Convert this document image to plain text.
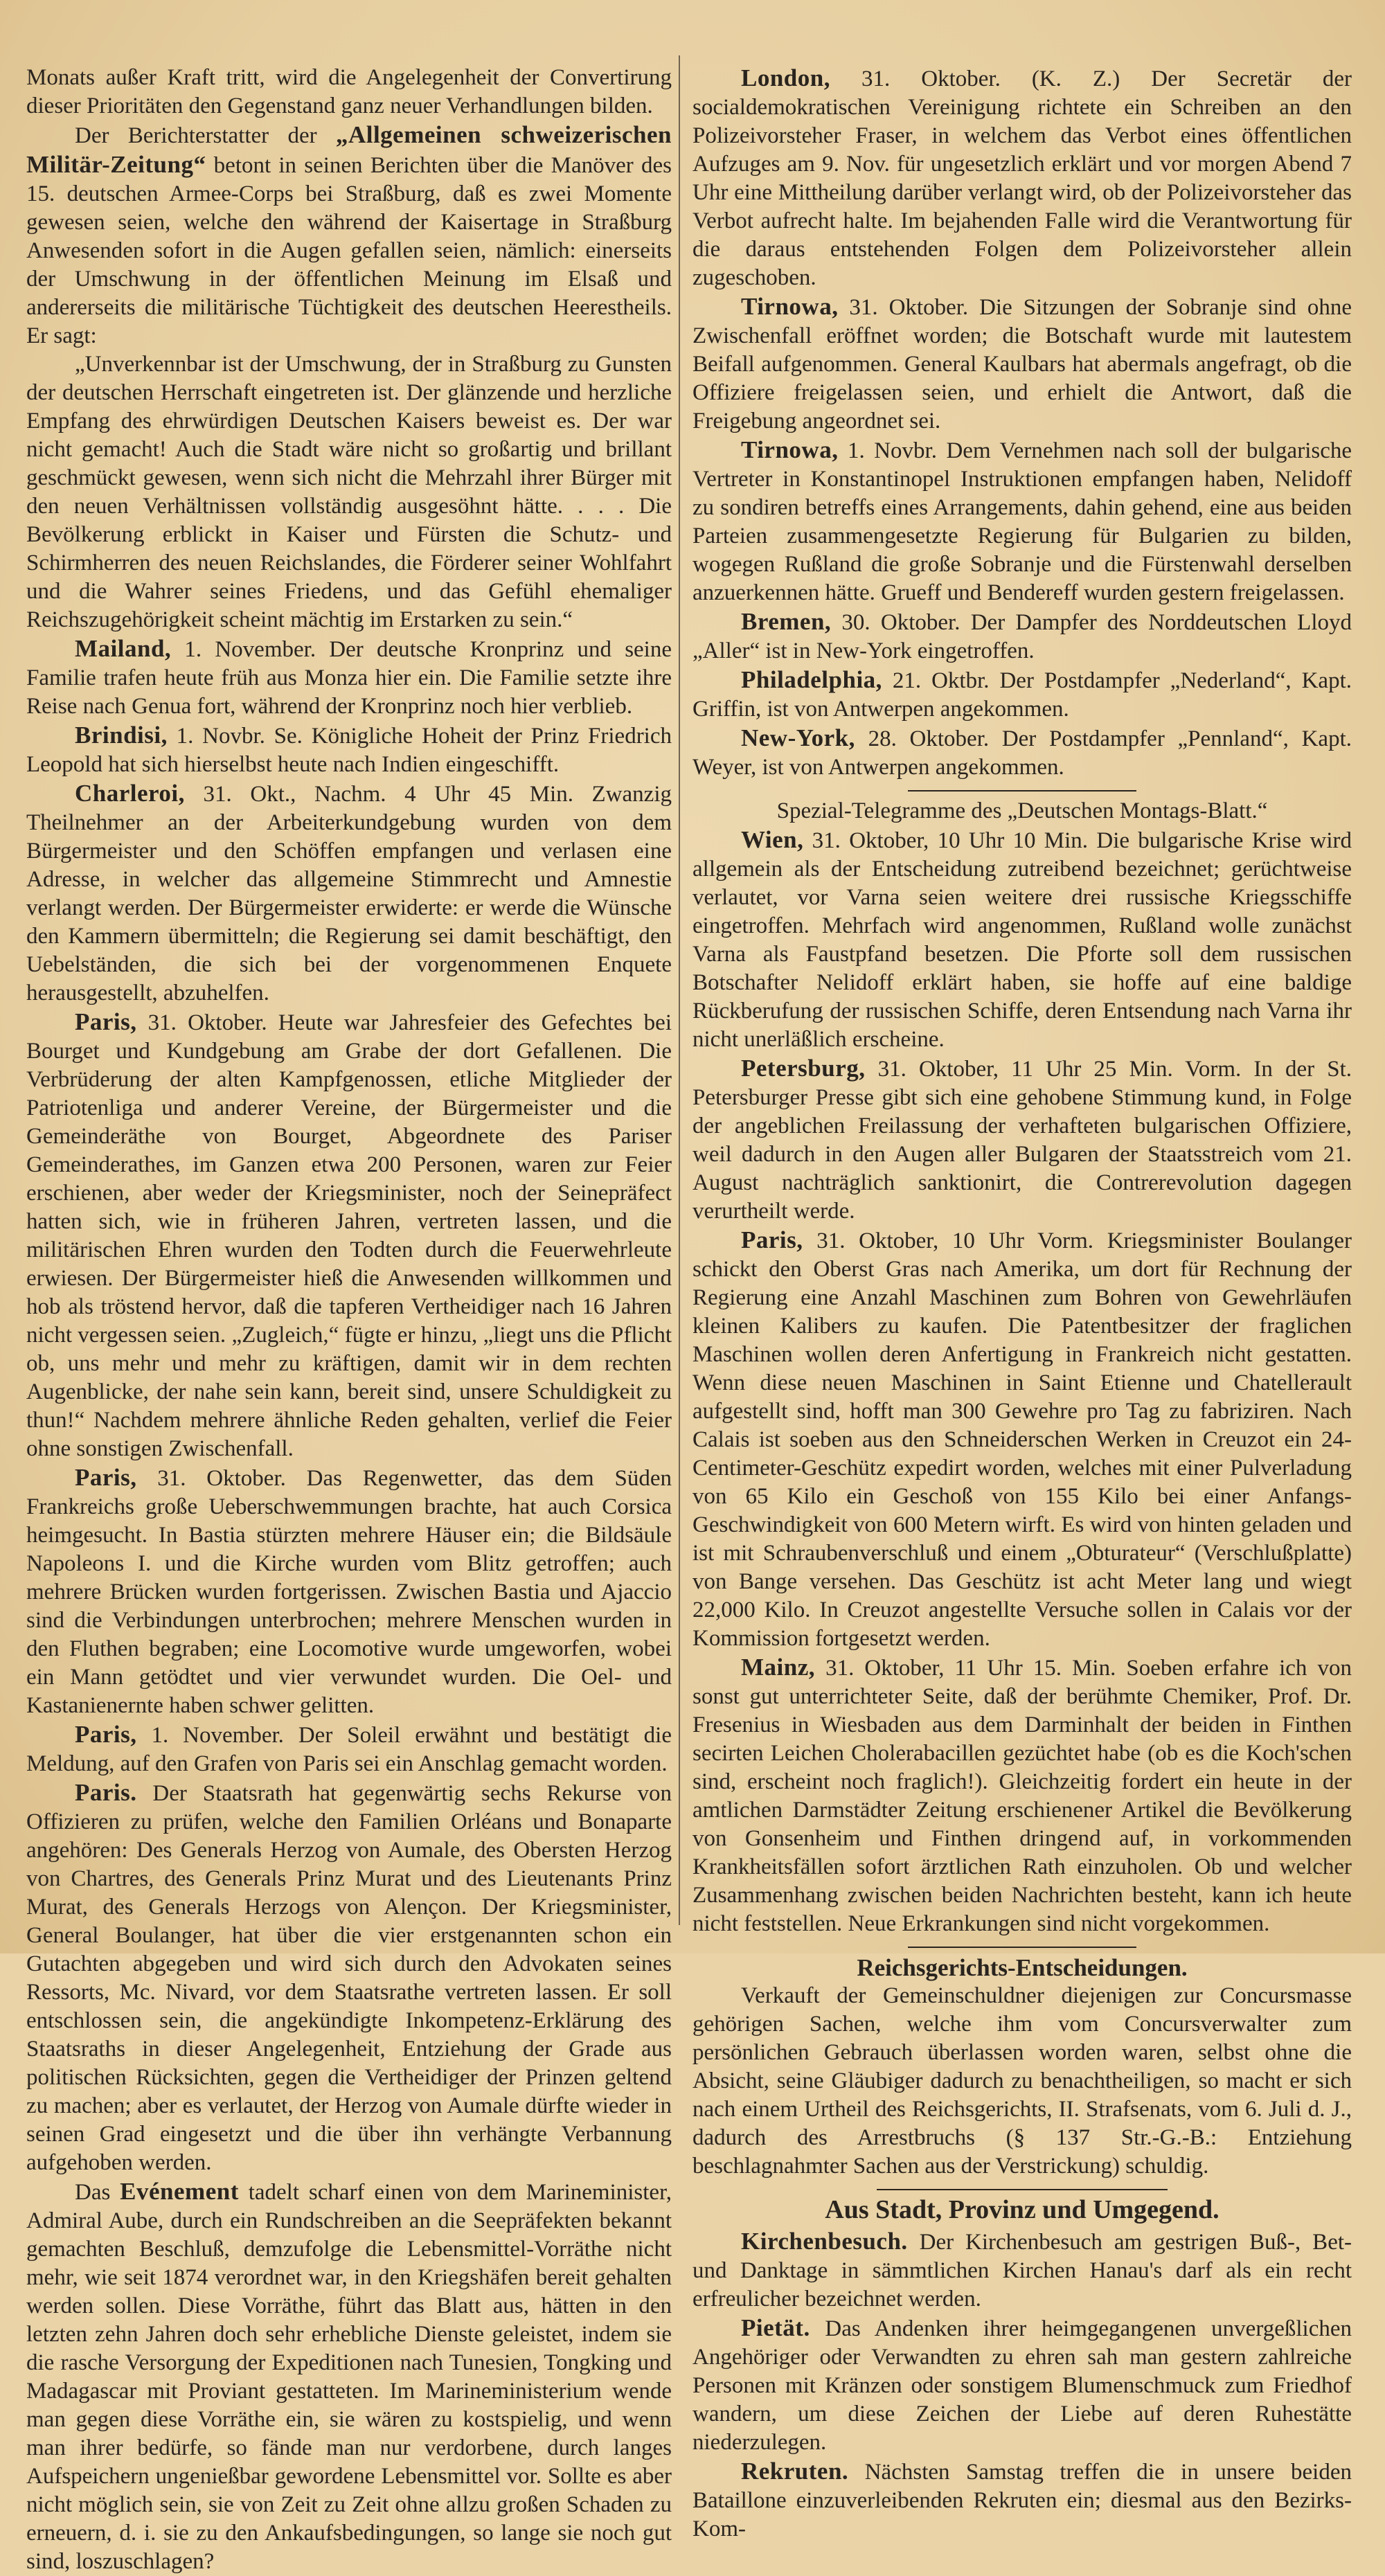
Monats außer Kraft tritt, wird die Angelegenheit der Convertirung dieser Prioritäten den Gegenstand ganz neuer Verhandlungen bilden.

Der Berichterstatter der „Allgemeinen schweizerischen Militär-Zeitung“ betont in seinen Berichten über die Manöver des 15. deutschen Armee-Corps bei Straßburg, daß es zwei Momente gewesen seien, welche den während der Kaisertage in Straßburg Anwesenden sofort in die Augen gefallen seien, nämlich: einerseits der Umschwung in der öffentlichen Meinung im Elsaß und andererseits die militärische Tüchtigkeit des deutschen Heerestheils. Er sagt:

„Unverkennbar ist der Umschwung, der in Straßburg zu Gunsten der deutschen Herrschaft eingetreten ist. Der glänzende und herzliche Empfang des ehrwürdigen Deutschen Kaisers beweist es. Der war nicht gemacht! Auch die Stadt wäre nicht so großartig und brillant geschmückt gewesen, wenn sich nicht die Mehrzahl ihrer Bürger mit den neuen Verhältnissen vollständig ausgesöhnt hätte. . . . Die Bevölkerung erblickt in Kaiser und Fürsten die Schutz- und Schirmherren des neuen Reichslandes, die Förderer seiner Wohlfahrt und die Wahrer seines Friedens, und das Gefühl ehemaliger Reichszugehörigkeit scheint mächtig im Erstarken zu sein.“

Mailand, 1. November. Der deutsche Kronprinz und seine Familie trafen heute früh aus Monza hier ein. Die Familie setzte ihre Reise nach Genua fort, während der Kronprinz noch hier verblieb.

Brindisi, 1. Novbr. Se. Königliche Hoheit der Prinz Friedrich Leopold hat sich hierselbst heute nach Indien eingeschifft.

Charleroi, 31. Okt., Nachm. 4 Uhr 45 Min. Zwanzig Theilnehmer an der Arbeiterkundgebung wurden von dem Bürgermeister und den Schöffen empfangen und verlasen eine Adresse, in welcher das allgemeine Stimmrecht und Amnestie verlangt werden. Der Bürgermeister erwiderte: er werde die Wünsche den Kammern übermitteln; die Regierung sei damit beschäftigt, den Uebelständen, die sich bei der vorgenommenen Enquete herausgestellt, abzuhelfen.

Paris, 31. Oktober. Heute war Jahresfeier des Gefechtes bei Bourget und Kundgebung am Grabe der dort Gefallenen. Die Verbrüderung der alten Kampfgenossen, etliche Mitglieder der Patriotenliga und anderer Vereine, der Bürgermeister und die Gemeinderäthe von Bourget, Abgeordnete des Pariser Gemeinderathes, im Ganzen etwa 200 Personen, waren zur Feier erschienen, aber weder der Kriegsminister, noch der Seinepräfect hatten sich, wie in früheren Jahren, vertreten lassen, und die militärischen Ehren wurden den Todten durch die Feuerwehrleute erwiesen. Der Bürgermeister hieß die Anwesenden willkommen und hob als tröstend hervor, daß die tapferen Vertheidiger nach 16 Jahren nicht vergessen seien. „Zugleich,“ fügte er hinzu, „liegt uns die Pflicht ob, uns mehr und mehr zu kräftigen, damit wir in dem rechten Augenblicke, der nahe sein kann, bereit sind, unsere Schuldigkeit zu thun!“ Nachdem mehrere ähnliche Reden gehalten, verlief die Feier ohne sonstigen Zwischenfall.

Paris, 31. Oktober. Das Regenwetter, das dem Süden Frankreichs große Ueberschwemmungen brachte, hat auch Corsica heimgesucht. In Bastia stürzten mehrere Häuser ein; die Bildsäule Napoleons I. und die Kirche wurden vom Blitz getroffen; auch mehrere Brücken wurden fortgerissen. Zwischen Bastia und Ajaccio sind die Verbindungen unterbrochen; mehrere Menschen wurden in den Fluthen begraben; eine Locomotive wurde umgeworfen, wobei ein Mann getödtet und vier verwundet wurden. Die Oel- und Kastanienernte haben schwer gelitten.

Paris, 1. November. Der Soleil erwähnt und bestätigt die Meldung, auf den Grafen von Paris sei ein Anschlag gemacht worden.

Paris. Der Staatsrath hat gegenwärtig sechs Rekurse von Offizieren zu prüfen, welche den Familien Orléans und Bonaparte angehören: Des Generals Herzog von Aumale, des Obersten Herzog von Chartres, des Generals Prinz Murat und des Lieutenants Prinz Murat, des Generals Herzogs von Alençon. Der Kriegsminister, General Boulanger, hat über die vier erstgenannten schon ein Gutachten abgegeben und wird sich durch den Advokaten seines Ressorts, Mc. Nivard, vor dem Staatsrathe vertreten lassen. Er soll entschlossen sein, die angekündigte Inkompetenz-Erklärung des Staatsraths in dieser Angelegenheit, Entziehung der Grade aus politischen Rücksichten, gegen die Vertheidiger der Prinzen geltend zu machen; aber es verlautet, der Herzog von Aumale dürfte wieder in seinen Grad eingesetzt und die über ihn verhängte Verbannung aufgehoben werden.

Das Evénement tadelt scharf einen von dem Marineminister, Admiral Aube, durch ein Rundschreiben an die Seepräfekten bekannt gemachten Beschluß, demzufolge die Lebensmittel-Vorräthe nicht mehr, wie seit 1874 verordnet war, in den Kriegshäfen bereit gehalten werden sollen. Diese Vorräthe, führt das Blatt aus, hätten in den letzten zehn Jahren doch sehr erhebliche Dienste geleistet, indem sie die rasche Versorgung der Expeditionen nach Tunesien, Tongking und Madagascar mit Proviant gestatteten. Im Marineministerium wende man gegen diese Vorräthe ein, sie wären zu kostspielig, und wenn man ihrer bedürfe, so fände man nur verdorbene, durch langes Aufspeichern ungenießbar gewordene Lebensmittel vor. Sollte es aber nicht möglich sein, sie von Zeit zu Zeit ohne allzu großen Schaden zu erneuern, d. i. sie zu den Ankaufsbedingungen, so lange sie noch gut sind, loszuschlagen?

London, 31. Oktober. (K. Z.) Der Secretär der socialdemokratischen Vereinigung richtete ein Schreiben an den Polizeivorsteher Fraser, in welchem das Verbot eines öffentlichen Aufzuges am 9. Nov. für ungesetzlich erklärt und vor morgen Abend 7 Uhr eine Mittheilung darüber verlangt wird, ob der Polizeivorsteher das Verbot aufrecht halte. Im bejahenden Falle wird die Verantwortung für die daraus entstehenden Folgen dem Polizeivorsteher allein zugeschoben.

Tirnowa, 31. Oktober. Die Sitzungen der Sobranje sind ohne Zwischenfall eröffnet worden; die Botschaft wurde mit lautestem Beifall aufgenommen. General Kaulbars hat abermals angefragt, ob die Offiziere freigelassen seien, und erhielt die Antwort, daß die Freigebung angeordnet sei.

Tirnowa, 1. Novbr. Dem Vernehmen nach soll der bulgarische Vertreter in Konstantinopel Instruktionen empfangen haben, Nelidoff zu sondiren betreffs eines Arrangements, dahin gehend, eine aus beiden Parteien zusammengesetzte Regierung für Bulgarien zu bilden, wogegen Rußland die große Sobranje und die Fürstenwahl derselben anzuerkennen hätte. Grueff und Bendereff wurden gestern freigelassen.

Bremen, 30. Oktober. Der Dampfer des Norddeutschen Lloyd „Aller“ ist in New-York eingetroffen.

Philadelphia, 21. Oktbr. Der Postdampfer „Nederland“, Kapt. Griffin, ist von Antwerpen angekommen.

New-York, 28. Oktober. Der Postdampfer „Pennland“, Kapt. Weyer, ist von Antwerpen angekommen.

Spezial-Telegramme des „Deutschen Montags-Blatt.“

Wien, 31. Oktober, 10 Uhr 10 Min. Die bulgarische Krise wird allgemein als der Entscheidung zutreibend bezeichnet; gerüchtweise verlautet, vor Varna seien weitere drei russische Kriegsschiffe eingetroffen. Mehrfach wird angenommen, Rußland wolle zunächst Varna als Faustpfand besetzen. Die Pforte soll dem russischen Botschafter Nelidoff erklärt haben, sie hoffe auf eine baldige Rückberufung der russischen Schiffe, deren Entsendung nach Varna ihr nicht unerläßlich erscheine.

Petersburg, 31. Oktober, 11 Uhr 25 Min. Vorm. In der St. Petersburger Presse gibt sich eine gehobene Stimmung kund, in Folge der angeblichen Freilassung der verhafteten bulgarischen Offiziere, weil dadurch in den Augen aller Bulgaren der Staatsstreich vom 21. August nachträglich sanktionirt, die Contrerevolution dagegen verurtheilt werde.

Paris, 31. Oktober, 10 Uhr Vorm. Kriegsminister Boulanger schickt den Oberst Gras nach Amerika, um dort für Rechnung der Regierung eine Anzahl Maschinen zum Bohren von Gewehrläufen kleinen Kalibers zu kaufen. Die Patentbesitzer der fraglichen Maschinen wollen deren Anfertigung in Frankreich nicht gestatten. Wenn diese neuen Maschinen in Saint Etienne und Chatellerault aufgestellt sind, hofft man 300 Gewehre pro Tag zu fabriziren. Nach Calais ist soeben aus den Schneiderschen Werken in Creuzot ein 24-Centimeter-Geschütz expedirt worden, welches mit einer Pulverladung von 65 Kilo ein Geschoß von 155 Kilo bei einer Anfangs-Geschwindigkeit von 600 Metern wirft. Es wird von hinten geladen und ist mit Schraubenverschluß und einem „Obturateur“ (Verschlußplatte) von Bange versehen. Das Geschütz ist acht Meter lang und wiegt 22,000 Kilo. In Creuzot angestellte Versuche sollen in Calais vor der Kommission fortgesetzt werden.

Mainz, 31. Oktober, 11 Uhr 15. Min. Soeben erfahre ich von sonst gut unterrichteter Seite, daß der berühmte Chemiker, Prof. Dr. Fresenius in Wiesbaden aus dem Darminhalt der beiden in Finthen secirten Leichen Cholerabacillen gezüchtet habe (ob es die Koch'schen sind, erscheint noch fraglich!). Gleichzeitig fordert ein heute in der amtlichen Darmstädter Zeitung erschienener Artikel die Bevölkerung von Gonsenheim und Finthen dringend auf, in vorkommenden Krankheitsfällen sofort ärztlichen Rath einzuholen. Ob und welcher Zusammenhang zwischen beiden Nachrichten besteht, kann ich heute nicht feststellen. Neue Erkrankungen sind nicht vorgekommen.

Reichsgerichts-Entscheidungen.

Verkauft der Gemeinschuldner diejenigen zur Concursmasse gehörigen Sachen, welche ihm vom Concursverwalter zum persönlichen Gebrauch überlassen worden waren, selbst ohne die Absicht, seine Gläubiger dadurch zu benachtheiligen, so macht er sich nach einem Urtheil des Reichsgerichts, II. Strafsenats, vom 6. Juli d. J., dadurch des Arrestbruchs (§ 137 Str.-G.-B.: Entziehung beschlagnahmter Sachen aus der Verstrickung) schuldig.

Aus Stadt, Provinz und Umgegend.

Kirchenbesuch. Der Kirchenbesuch am gestrigen Buß-, Bet- und Danktage in sämmtlichen Kirchen Hanau's darf als ein recht erfreulicher bezeichnet werden.

Pietät. Das Andenken ihrer heimgegangenen unvergeßlichen Angehöriger oder Verwandten zu ehren sah man gestern zahlreiche Personen mit Kränzen oder sonstigem Blumenschmuck zum Friedhof wandern, um diese Zeichen der Liebe auf deren Ruhestätte niederzulegen.

Rekruten. Nächsten Samstag treffen die in unsere beiden Bataillone einzuverleibenden Rekruten ein; diesmal aus den Bezirks-Kom-
